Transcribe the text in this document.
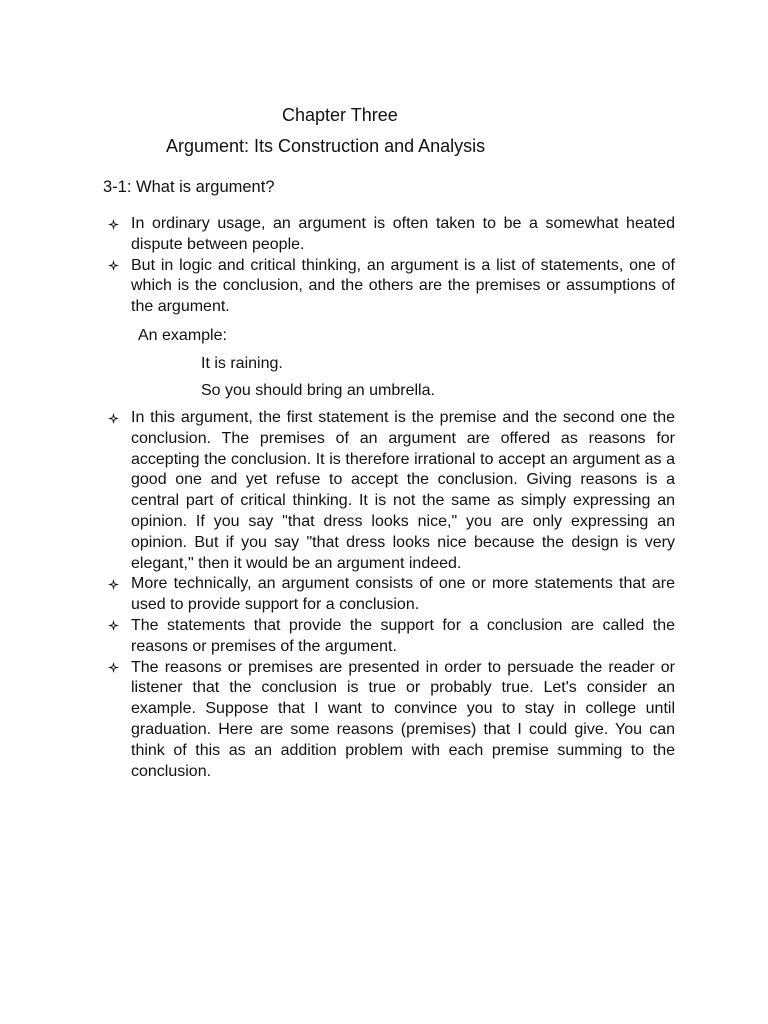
Chapter Three
Argument: Its Construction and Analysis
3-1: What is argument?
In ordinary usage, an argument is often taken to be a somewhat heated dispute between people.
But in logic and critical thinking, an argument is a list of statements, one of which is the conclusion, and the others are the premises or assumptions of the argument.
An example:
It is raining.
So you should bring an umbrella.
In this argument, the first statement is the premise and the second one the conclusion. The premises of an argument are offered as reasons for accepting the conclusion. It is therefore irrational to accept an argument as a good one and yet refuse to accept the conclusion. Giving reasons is a central part of critical thinking. It is not the same as simply expressing an opinion. If you say "that dress looks nice," you are only expressing an opinion. But if you say "that dress looks nice because the design is very elegant," then it would be an argument indeed.
More technically, an argument consists of one or more statements that are used to provide support for a conclusion.
The statements that provide the support for a conclusion are called the reasons or premises of the argument.
The reasons or premises are presented in order to persuade the reader or listener that the conclusion is true or probably true. Let's consider an example. Suppose that I want to convince you to stay in college until graduation. Here are some reasons (premises) that I could give. You can think of this as an addition problem with each premise summing to the conclusion.
